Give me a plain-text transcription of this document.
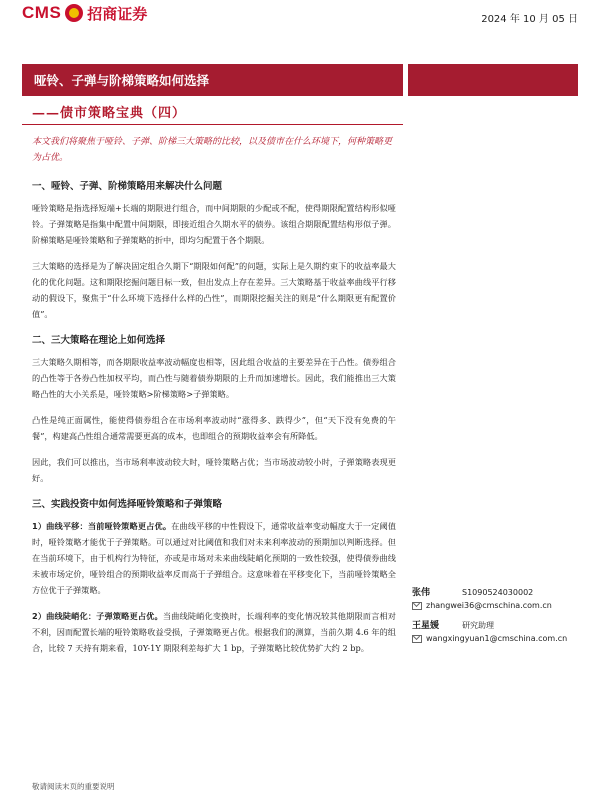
CMS 招商证券	2024 年 10 月 05 日
哑铃、子弹与阶梯策略如何选择
——债市策略宝典（四）

本文我们将聚焦于哑铃、子弹、阶梯三大策略的比较，以及债市在什么环境下，何种策略更为占优。

一、哑铃、子弹、阶梯策略用来解决什么问题

哑铃策略是指选择短端+长端的期限进行组合，而中间期限的少配或不配，使得期限配置结构形似哑铃。子弹策略是指集中配置中间期限，即接近组合久期水平的债券。该组合期限配置结构形似子弹。阶梯策略是哑铃策略和子弹策略的折中，即均匀配置于各个期限。

三大策略的选择是为了解决固定组合久期下“期限如何配”的问题，实际上是久期约束下的收益率最大化的优化问题。这和期限挖掘问题目标一致，但出发点上存在差异。三大策略基于收益率曲线平行移动的假设下，聚焦于“什么环境下选择什么样的凸性”，而期限挖掘关注的则是“什么期限更有配置价值”。

二、三大策略在理论上如何选择

三大策略久期相等，而各期限收益率波动幅度也相等，因此组合收益的主要差异在于凸性。债券组合的凸性等于各券凸性加权平均，而凸性与随着债券期限的上升而加速增长。因此，我们能推出三大策略凸性的大小关系是，哑铃策略>阶梯策略>子弹策略。

凸性是纯正面属性，能使得债券组合在市场利率波动时“涨得多、跌得少”，但“天下没有免费的午餐”，构建高凸性组合通常需要更高的成本，也即组合的预期收益率会有所降低。

因此，我们可以推出，当市场利率波动较大时，哑铃策略占优；当市场波动较小时，子弹策略表现更好。

三、实践投资中如何选择哑铃策略和子弹策略

1）曲线平移：当前哑铃策略更占优。在曲线平移的中性假设下，通常收益率变动幅度大于一定阈值时，哑铃策略才能优于子弹策略。可以通过对比阈值和我们对未来利率波动的预期加以判断选择。但在当前环境下，由于机构行为特征，亦或是市场对未来曲线陡峭化预期的一致性较强，使得债券曲线未被市场定价，哑铃组合的预期收益率反而高于子弹组合。这意味着在平移变化下，当前哑铃策略全方位优于子弹策略。

2）曲线陡峭化：子弹策略更占优。当曲线陡峭化变换时，长端利率的变化情况较其他期限而言相对不利，因而配置长端的哑铃策略收益受损，子弹策略更占优。根据我们的测算，当前久期 4.6 年的组合，比较 7 天持有期来看，10Y-1Y 期限利差每扩大 1 bp，子弹策略比较优势扩大约 2 bp。

张伟	S1090524030002
zhangwei36@cmschina.com.cn
王星媛	研究助理
wangxingyuan1@cmschina.com.cn
敬请阅读末页的重要说明
